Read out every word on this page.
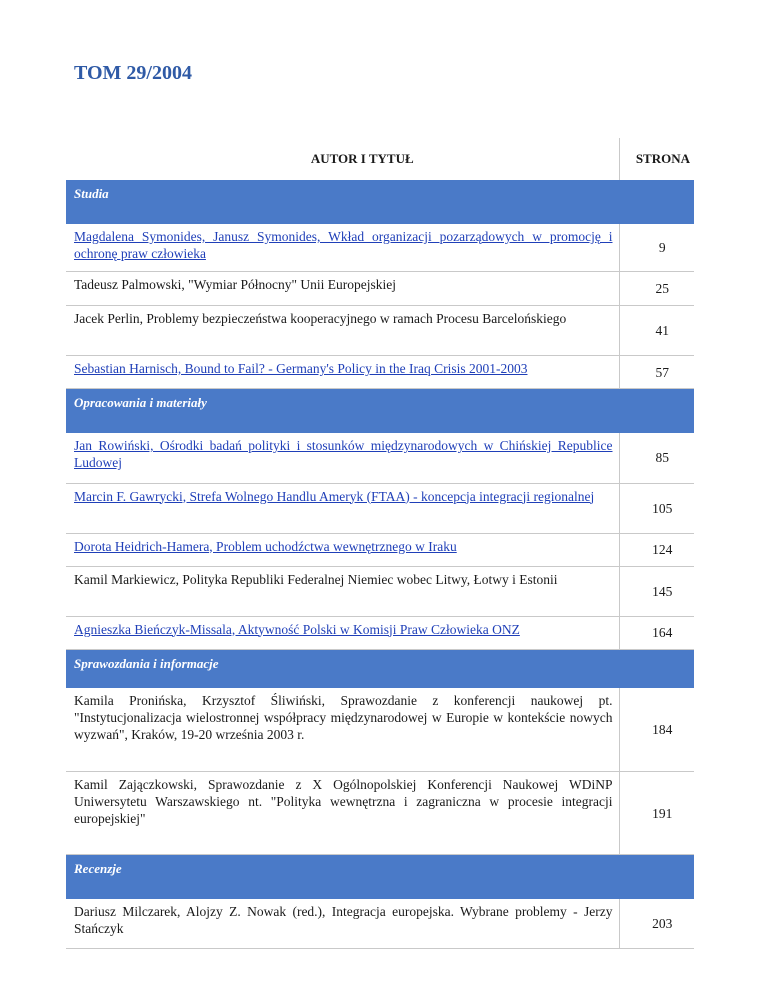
TOM 29/2004
AUTOR I TYTUŁ	STRONA
Studia	
Magdalena Symonides, Janusz Symonides, Wkład organizacji pozarządowych w promocję i ochronę praw człowieka	9
Tadeusz Palmowski, "Wymiar Północny" Unii Europejskiej	25
Jacek Perlin, Problemy bezpieczeństwa kooperacyjnego w ramach Procesu Barcelońskiego	41
Sebastian Harnisch, Bound to Fail? - Germany's Policy in the Iraq Crisis 2001-2003	57
Opracowania i materiały	
Jan Rowiński, Ośrodki badań polityki i stosunków międzynarodowych w Chińskiej Republice Ludowej	85
Marcin F. Gawrycki, Strefa Wolnego Handlu Ameryk (FTAA) - koncepcja integracji regionalnej	105
Dorota Heidrich-Hamera, Problem uchodźctwa wewnętrznego w Iraku	124
Kamil Markiewicz, Polityka Republiki Federalnej Niemiec wobec Litwy, Łotwy i Estonii	145
Agnieszka Bieńczyk-Missala, Aktywność Polski w Komisji Praw Człowieka ONZ	164
Sprawozdania i informacje	
Kamila Pronińska, Krzysztof Śliwiński, Sprawozdanie z konferencji naukowej pt. "Instytucjonalizacja wielostronnej współpracy międzynarodowej w Europie w kontekście nowych wyzwań", Kraków, 19-20 września 2003 r.	184
Kamil Zajączkowski, Sprawozdanie z X Ogólnopolskiej Konferencji Naukowej WDiNP Uniwersytetu Warszawskiego nt. "Polityka wewnętrzna i zagraniczna w procesie integracji europejskiej"	191
Recenzje	
Dariusz Milczarek, Alojzy Z. Nowak (red.), Integracja europejska. Wybrane problemy - Jerzy Stańczyk	203
